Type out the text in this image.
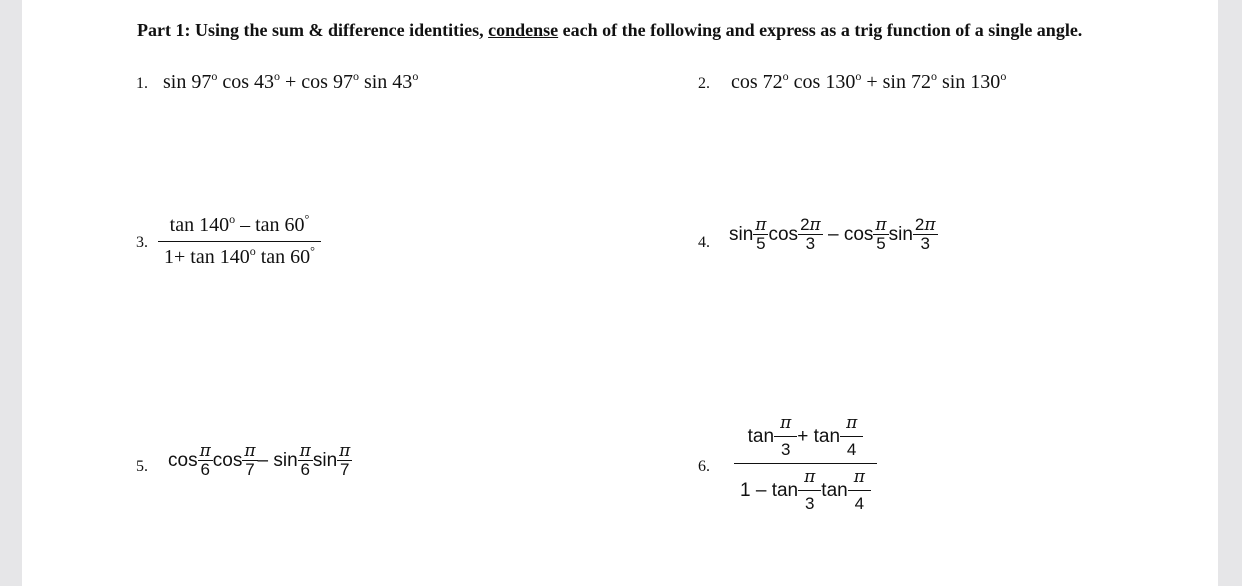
Part 1: Using the sum & difference identities, condense each of the following and express as a trig function of a single angle.
1. sin 97$^o$ $\cos 43^o + \cos 97^o$ sin 43$^o$	2. cos 72$^o$ $\cos 130^o + \sin 72^o$ sin 130$^o$
3. $\frac{\tan 140^o - \tan 60^\circ}{1+ \tan 140^o \tan 60^\circ}$	4. $\sin \frac{\pi}{5}$ $\cos \frac{2\pi}{3}$ – $\cos \frac{\pi}{5}$ $\sin \frac{2\pi}{3}$
5. $\cos \frac{\pi}{6}$ $\cos \frac{\pi}{7}$ – $\sin \frac{\pi}{6}$ $\sin \frac{\pi}{7}$	6. $\frac{\tan \frac{\pi}{3} + \tan \frac{\pi}{4}}{1 - \tan \frac{\pi}{3} \tan \frac{\pi}{4}}$
